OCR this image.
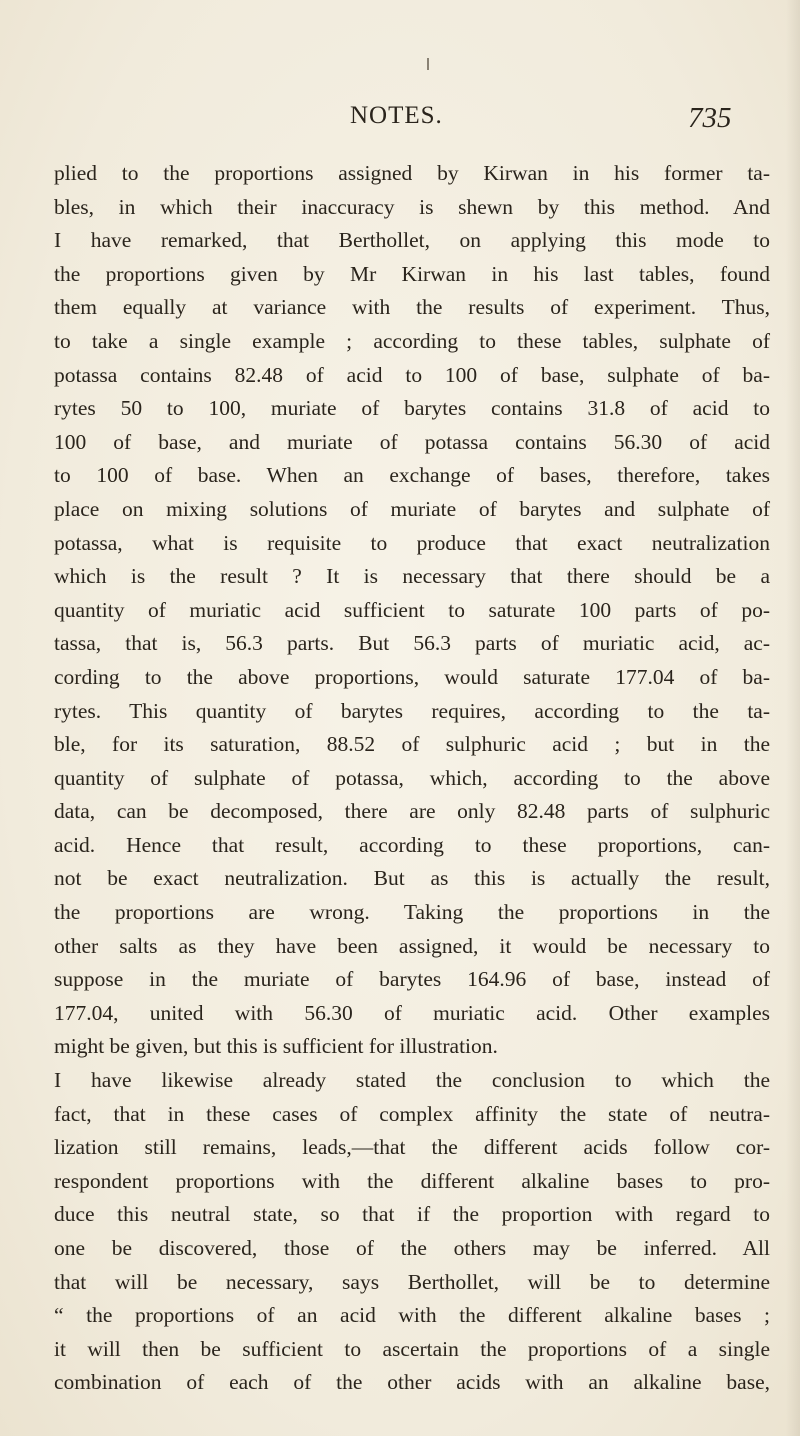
NOTES.	735
plied to the proportions assigned by Kirwan in his former ta-
bles, in which their inaccuracy is shewn by this method. And
I have remarked, that Berthollet, on applying this mode to
the proportions given by Mr Kirwan in his last tables, found
them equally at variance with the results of experiment. Thus,
to take a single example ; according to these tables, sulphate of
potassa contains 82.48 of acid to 100 of base, sulphate of ba-
rytes 50 to 100, muriate of barytes contains 31.8 of acid to
100 of base, and muriate of potassa contains 56.30 of acid
to 100 of base. When an exchange of bases, therefore, takes
place on mixing solutions of muriate of barytes and sulphate of
potassa, what is requisite to produce that exact neutralization
which is the result ? It is necessary that there should be a
quantity of muriatic acid sufficient to saturate 100 parts of po-
tassa, that is, 56.3 parts. But 56.3 parts of muriatic acid, ac-
cording to the above proportions, would saturate 177.04 of ba-
rytes. This quantity of barytes requires, according to the ta-
ble, for its saturation, 88.52 of sulphuric acid ; but in the
quantity of sulphate of potassa, which, according to the above
data, can be decomposed, there are only 82.48 parts of sulphuric
acid. Hence that result, according to these proportions, can-
not be exact neutralization. But as this is actually the result,
the proportions are wrong. Taking the proportions in the
other salts as they have been assigned, it would be necessary to
suppose in the muriate of barytes 164.96 of base, instead of
177.04, united with 56.30 of muriatic acid. Other examples
might be given, but this is sufficient for illustration.
I have likewise already stated the conclusion to which the
fact, that in these cases of complex affinity the state of neutra-
lization still remains, leads,—that the different acids follow cor-
respondent proportions with the different alkaline bases to pro-
duce this neutral state, so that if the proportion with regard to
one be discovered, those of the others may be inferred. All
that will be necessary, says Berthollet, will be to determine
“ the proportions of an acid with the different alkaline bases ;
it will then be sufficient to ascertain the proportions of a single
combination of each of the other acids with an alkaline base,
